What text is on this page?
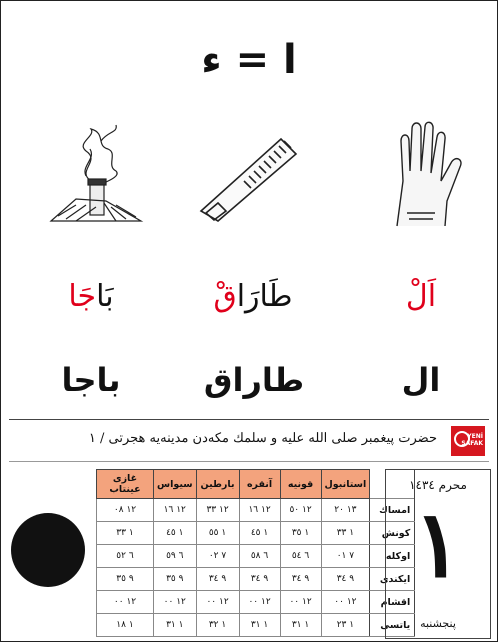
ا = ء
بَاجَا	طَارَاقْ	اَلْ
باجا	طاراق	ال
حضرت پيغمبر صلى الله عليه و سلمك مكه‌دن مدينه‌يه هجرتى / ١	YENİ
ŞAFAK
	استانبول	قونيه	آنقره	بارطين	سيواس	غازى عينتاب
امساك	١٣ ٢٠	١٢ ٥٠	١٢ ١٦	١٢ ٣٣	١٢ ١٦	١٢ ٠٨
كونش	١ ٣٣	١ ٣٥	١ ٤٥	١ ٥٥	١ ٤٥	١ ٣٣
اوكله	٧ ٠١	٦ ٥٤	٦ ٥٨	٧ ٠٢	٦ ٥٩	٦ ٥٢
ايكندى	٩ ٣٤	٩ ٣٤	٩ ٣٤	٩ ٣٤	٩ ٣٥	٩ ٣٥
اقشام	١٢ ٠٠	١٢ ٠٠	١٢ ٠٠	١٢ ٠٠	١٢ ٠٠	١٢ ٠٠
ياتسى	١ ٢٣	١ ٣١	١ ٣١	١ ٣٢	١ ٣١	١ ١٨
محرم ١٤٣٤
١
پنجشنبه
